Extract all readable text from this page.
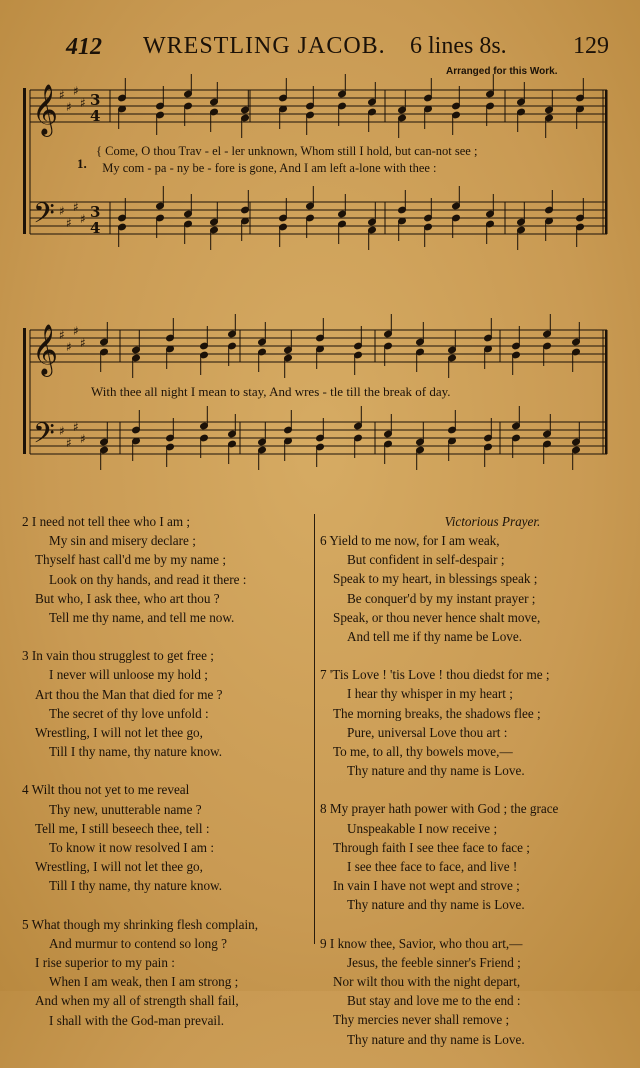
412 WRESTLING JACOB. 6 lines 8s.	129
Arranged for this Work.
𝄞
𝄢
♯
♯
♯
♯
♯
♯
♯
♯
3
4
3
4
𝄞
𝄢
♯
♯
♯
♯
♯
♯
♯
♯
1.
{ Come, O thou Trav - el - ler unknown, Whom still I hold, but can-not see ;
My com - pa - ny be - fore is gone, And I am left a-lone with thee :
With thee all night I mean to stay, And wres - tle till the break of day.
2 I need not tell thee who I am ;
My sin and misery declare ;
Thyself hast call'd me by my name ;
Look on thy hands, and read it there :
But who, I ask thee, who art thou ?
Tell me thy name, and tell me now.
3 In vain thou strugglest to get free ;
I never will unloose my hold ;
Art thou the Man that died for me ?
The secret of thy love unfold :
Wrestling, I will not let thee go,
Till I thy name, thy nature know.
4 Wilt thou not yet to me reveal
Thy new, unutterable name ?
Tell me, I still beseech thee, tell :
To know it now resolved I am :
Wrestling, I will not let thee go,
Till I thy name, thy nature know.
5 What though my shrinking flesh complain,
And murmur to contend so long ?
I rise superior to my pain :
When I am weak, then I am strong ;
And when my all of strength shall fail,
I shall with the God-man prevail.
Victorious Prayer.
6 Yield to me now, for I am weak,
But confident in self-despair ;
Speak to my heart, in blessings speak ;
Be conquer'd by my instant prayer ;
Speak, or thou never hence shalt move,
And tell me if thy name be Love.
7 'Tis Love ! 'tis Love ! thou diedst for me ;
I hear thy whisper in my heart ;
The morning breaks, the shadows flee ;
Pure, universal Love thou art :
To me, to all, thy bowels move,—
Thy nature and thy name is Love.
8 My prayer hath power with God ; the grace
Unspeakable I now receive ;
Through faith I see thee face to face ;
I see thee face to face, and live !
In vain I have not wept and strove ;
Thy nature and thy name is Love.
9 I know thee, Savior, who thou art,—
Jesus, the feeble sinner's Friend ;
Nor wilt thou with the night depart,
But stay and love me to the end :
Thy mercies never shall remove ;
Thy nature and thy name is Love.
